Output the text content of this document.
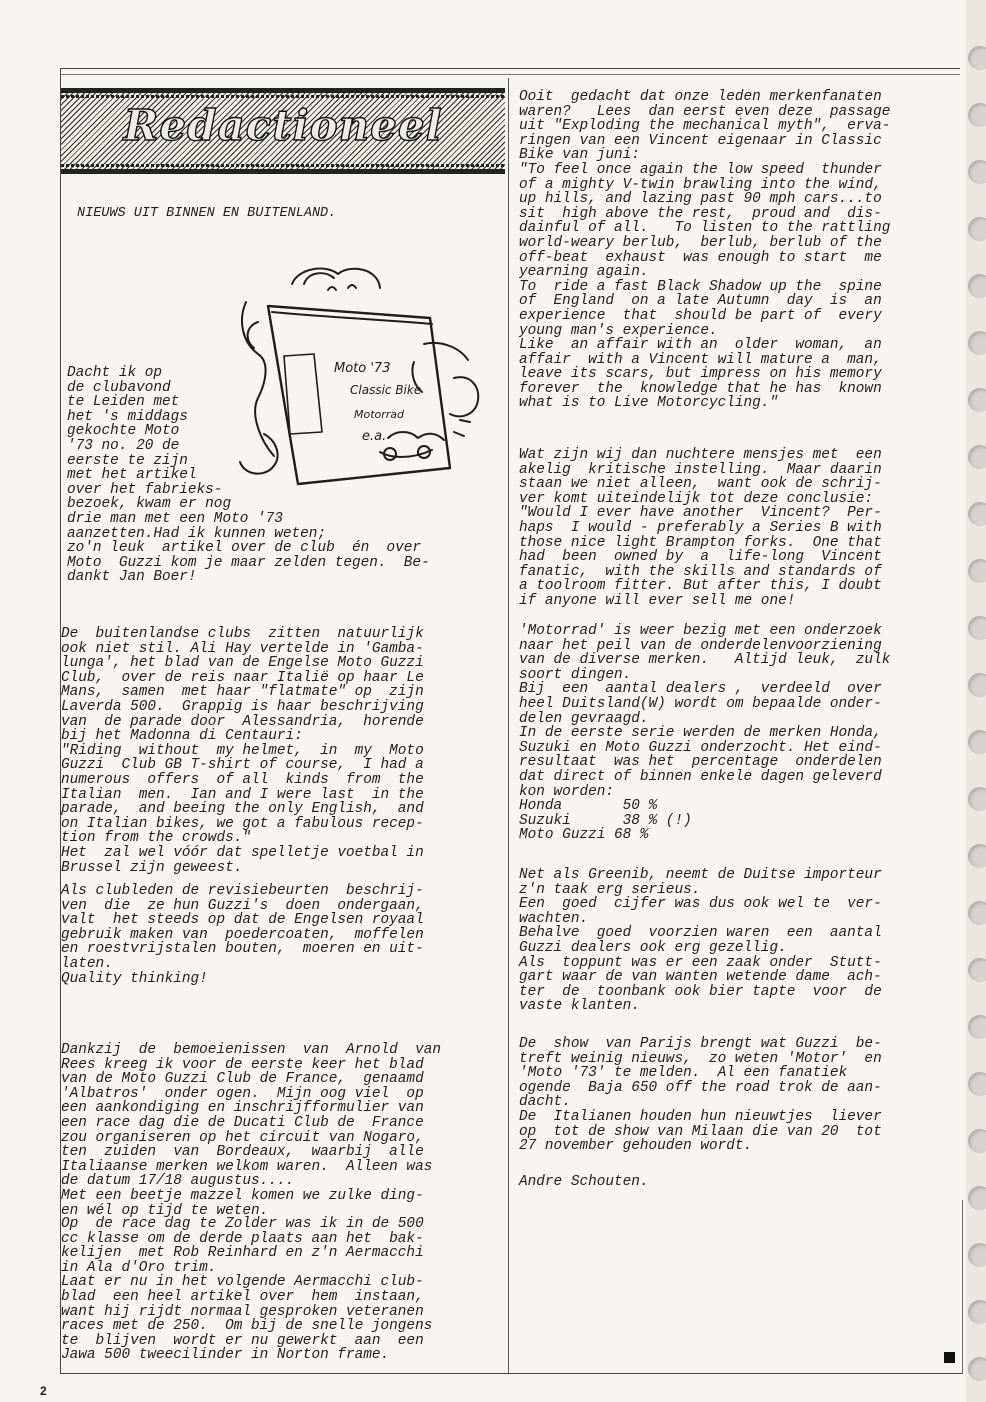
Redactioneel
NIEUWS UIT BINNEN EN BUITENLAND.
Moto '73
Classic Bike
Motorrad
e.a.
Dacht ik op
de clubavond
te Leiden met
het 's middags
gekochte Moto
'73 no. 20 de
eerste te zijn
met het artikel
over het fabrieks-
bezoek, kwam er nog
drie man met een Moto '73
aanzetten.Had ik kunnen weten;
zo'n leuk  artikel over de club  én  over
Moto  Guzzi kom je maar zelden tegen.  Be-
dankt Jan Boer!
De  buitenlandse clubs  zitten  natuurlijk
ook niet stil. Ali Hay vertelde in 'Gamba-
lunga', het blad van de Engelse Moto Guzzi
Club,  over de reis naar Italië op haar Le
Mans,  samen  met haar "flatmate" op  zijn
Laverda 500.  Grappig is haar beschrijving
van  de parade door  Alessandria,  horende
bij het Madonna di Centauri:
"Riding  without  my helmet,  in  my  Moto
Guzzi  Club GB T-shirt of course,  I had a
numerous  offers  of all  kinds  from  the
Italian  men.  Ian and I were last  in the
parade,  and beeing the only English,  and
on Italian bikes, we got a fabulous recep-
tion from the crowds."
Het  zal wel vóór dat spelletje voetbal in
Brussel zijn geweest.
Als clubleden de revisiebeurten  beschrij-
ven  die  ze hun Guzzi's  doen  ondergaan,
valt  het steeds op dat de Engelsen royaal
gebruik maken van  poedercoaten,  moffelen
en roestvrijstalen bouten,  moeren en uit-
laten.
Quality thinking!
Dankzij  de  bemoeienissen  van  Arnold  van
Rees kreeg ik voor de eerste keer het blad
van de Moto Guzzi Club de France,  genaamd
'Albatros'  onder ogen.  Mijn oog viel  op
een aankondiging en inschrijfformulier van
een race dag die de Ducati Club de  France
zou organiseren op het circuit van Nogaro,
ten  zuiden  van  Bordeaux,  waarbij  alle
Italiaanse merken welkom waren.  Alleen was
de datum 17/18 augustus....
Met een beetje mazzel komen we zulke ding-
en wél op tijd te weten.
Op  de race dag te Zolder was ik in de 500
cc klasse om de derde plaats aan het  bak-
kelijen  met Rob Reinhard en z'n Aermacchi
in Ala d'Oro trim.
Laat er nu in het volgende Aermacchi club-
blad  een heel artikel over  hem  instaan,
want hij rijdt normaal gesproken veteranen
races met de 250.  Om bij de snelle jongens
te  blijven  wordt er nu gewerkt  aan  een
Jawa 500 tweecilinder in Norton frame.
Ooit  gedacht dat onze leden merkenfanaten
waren?   Lees  dan eerst even deze  passage
uit "Exploding the mechanical myth",  erva-
ringen van een Vincent eigenaar in Classic
Bike van juni:
"To feel once again the low speed  thunder
of a mighty V-twin brawling into the wind,
up hills, and lazing past 90 mph cars...to
sit  high above the rest,  proud and  dis-
dainful of all.   To listen to the rattling
world-weary berlub,  berlub, berlub of the
off-beat  exhaust  was enough to start  me
yearning again.
To  ride a fast Black Shadow up the  spine
of  England  on a late Autumn  day  is  an
experience  that  should be part of  every
young man's experience.
Like  an affair with an  older  woman,  an
affair  with a Vincent will mature a  man,
leave its scars, but impress on his memory
forever  the  knowledge that he has  known
what is to Live Motorcycling."
Wat zijn wij dan nuchtere mensjes met  een
akelig  kritische instelling.  Maar daarin
staan we niet alleen,  want ook de schrij-
ver komt uiteindelijk tot deze conclusie:
"Would I ever have another  Vincent?  Per-
haps  I would - preferably a Series B with
those nice light Brampton forks.  One that
had  been  owned by  a  life-long  Vincent
fanatic,  with the skills and standards of
a toolroom fitter. But after this, I doubt
if anyone will ever sell me one!
'Motorrad' is weer bezig met een onderzoek
naar het peil van de onderdelenvoorziening
van de diverse merken.   Altijd leuk,  zulk
soort dingen.
Bij  een  aantal dealers ,  verdeeld  over
heel Duitsland(W) wordt om bepaalde onder-
delen gevraagd.
In de eerste serie werden de merken Honda,
Suzuki en Moto Guzzi onderzocht. Het eind-
resultaat  was het  percentage  onderdelen
dat direct of binnen enkele dagen geleverd
kon worden:
Honda       50 %
Suzuki      38 % (!)
Moto Guzzi 68 %
Net als Greenib, neemt de Duitse importeur
z'n taak erg serieus.
Een  goed  cijfer was dus ook wel te  ver-
wachten.
Behalve  goed  voorzien waren  een  aantal
Guzzi dealers ook erg gezellig.
Als  toppunt was er een zaak onder  Stutt-
gart waar de van wanten wetende dame  ach-
ter  de  toonbank ook bier tapte  voor  de
vaste klanten.
De  show  van Parijs brengt wat Guzzi  be-
treft weinig nieuws,  zo weten 'Motor'  en
'Moto '73' te melden.  Al een fanatiek
ogende  Baja 650 off the road trok de aan-
dacht.
De  Italianen houden hun nieuwtjes  liever
op  tot de show van Milaan die van 20  tot
27 november gehouden wordt.
Andre Schouten.
2
